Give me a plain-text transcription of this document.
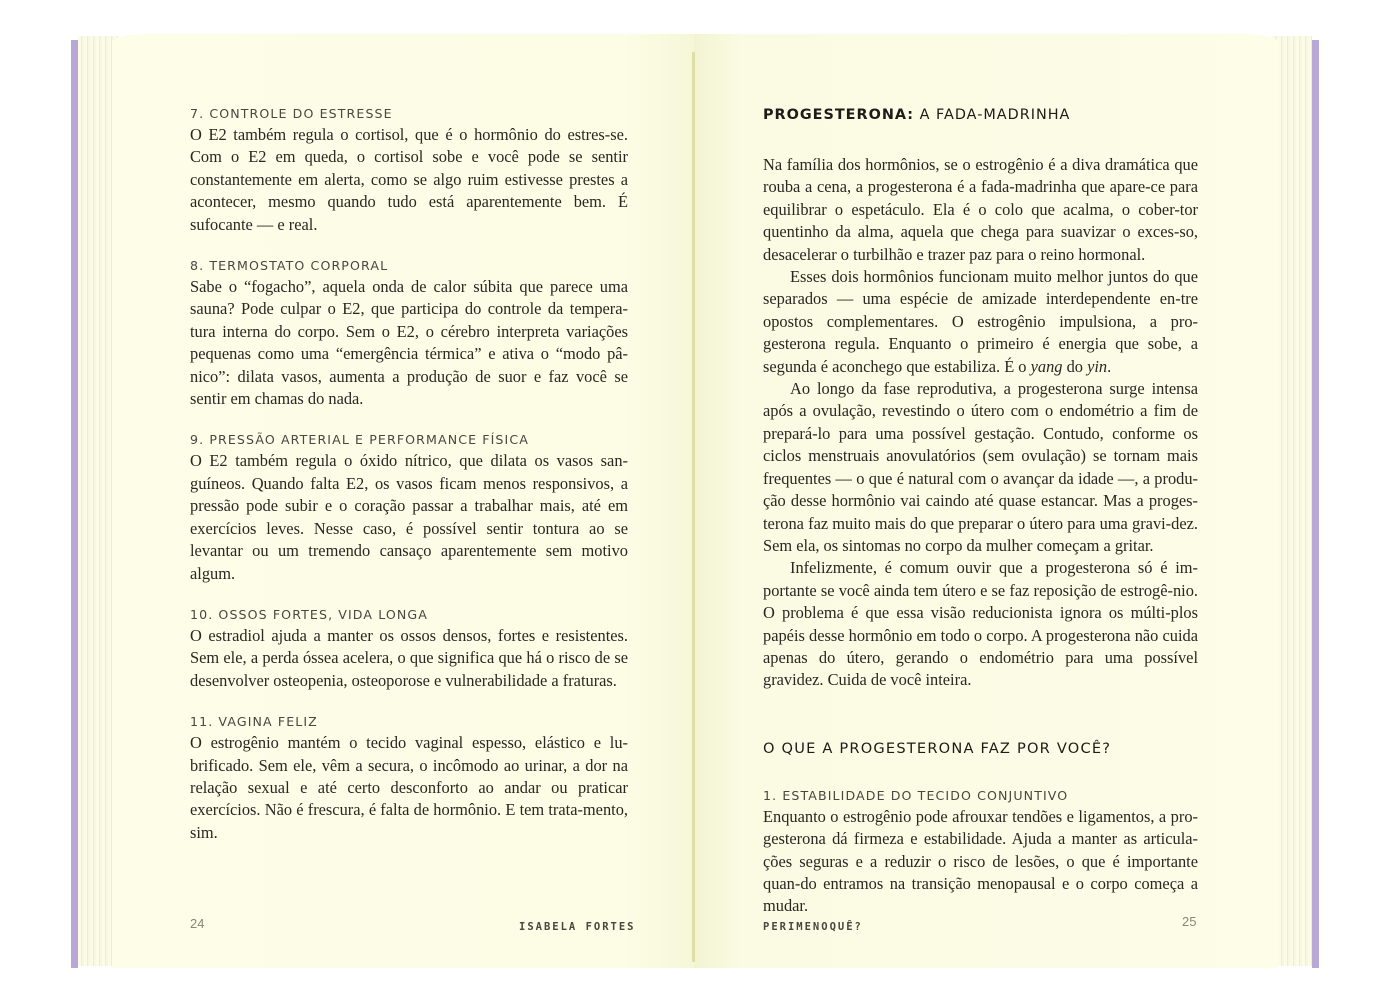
7. CONTROLE DO ESTRESSE

O E2 também regula o cortisol, que é o hormônio do estres-se. Com o E2 em queda, o cortisol sobe e você pode se sentir constantemente em alerta, como se algo ruim estivesse prestes a acontecer, mesmo quando tudo está aparentemente bem. É sufocante — e real.

8. TERMOSTATO CORPORAL

Sabe o “fogacho”, aquela onda de calor súbita que parece uma sauna? Pode culpar o E2, que participa do controle da tempera-tura interna do corpo. Sem o E2, o cérebro interpreta variações pequenas como uma “emergência térmica” e ativa o “modo pâ-nico”: dilata vasos, aumenta a produção de suor e faz você se sentir em chamas do nada.

9. PRESSÃO ARTERIAL E PERFORMANCE FÍSICA

O E2 também regula o óxido nítrico, que dilata os vasos san-guíneos. Quando falta E2, os vasos ficam menos responsivos, a pressão pode subir e o coração passar a trabalhar mais, até em exercícios leves. Nesse caso, é possível sentir tontura ao se levantar ou um tremendo cansaço aparentemente sem motivo algum.

10. OSSOS FORTES, VIDA LONGA

O estradiol ajuda a manter os ossos densos, fortes e resistentes. Sem ele, a perda óssea acelera, o que significa que há o risco de se desenvolver osteopenia, osteoporose e vulnerabilidade a fraturas.

11. VAGINA FELIZ

O estrogênio mantém o tecido vaginal espesso, elástico e lu-brificado. Sem ele, vêm a secura, o incômodo ao urinar, a dor na relação sexual e até certo desconforto ao andar ou praticar exercícios. Não é frescura, é falta de hormônio. E tem trata-mento, sim.

24	ISABELA FORTES

PROGESTERONA: A FADA-MADRINHA

Na família dos hormônios, se o estrogênio é a diva dramática que rouba a cena, a progesterona é a fada-madrinha que apare-ce para equilibrar o espetáculo. Ela é o colo que acalma, o cober-tor quentinho da alma, aquela que chega para suavizar o exces-so, desacelerar o turbilhão e trazer paz para o reino hormonal.

Esses dois hormônios funcionam muito melhor juntos do que separados — uma espécie de amizade interdependente en-tre opostos complementares. O estrogênio impulsiona, a pro-gesterona regula. Enquanto o primeiro é energia que sobe, a segunda é aconchego que estabiliza. É o yang do yin.

Ao longo da fase reprodutiva, a progesterona surge intensa após a ovulação, revestindo o útero com o endométrio a fim de prepará-lo para uma possível gestação. Contudo, conforme os ciclos menstruais anovulatórios (sem ovulação) se tornam mais frequentes — o que é natural com o avançar da idade —, a produ-ção desse hormônio vai caindo até quase estancar. Mas a proges-terona faz muito mais do que preparar o útero para uma gravi-dez. Sem ela, os sintomas no corpo da mulher começam a gritar.

Infelizmente, é comum ouvir que a progesterona só é im-portante se você ainda tem útero e se faz reposição de estrogê-nio. O problema é que essa visão reducionista ignora os múlti-plos papéis desse hormônio em todo o corpo. A progesterona não cuida apenas do útero, gerando o endométrio para uma possível gravidez. Cuida de você inteira.

O QUE A PROGESTERONA FAZ POR VOCÊ?

1. ESTABILIDADE DO TECIDO CONJUNTIVO

Enquanto o estrogênio pode afrouxar tendões e ligamentos, a pro-gesterona dá firmeza e estabilidade. Ajuda a manter as articula-ções seguras e a reduzir o risco de lesões, o que é importante quan-do entramos na transição menopausal e o corpo começa a mudar.

PERIMENOQUÊ?	25
